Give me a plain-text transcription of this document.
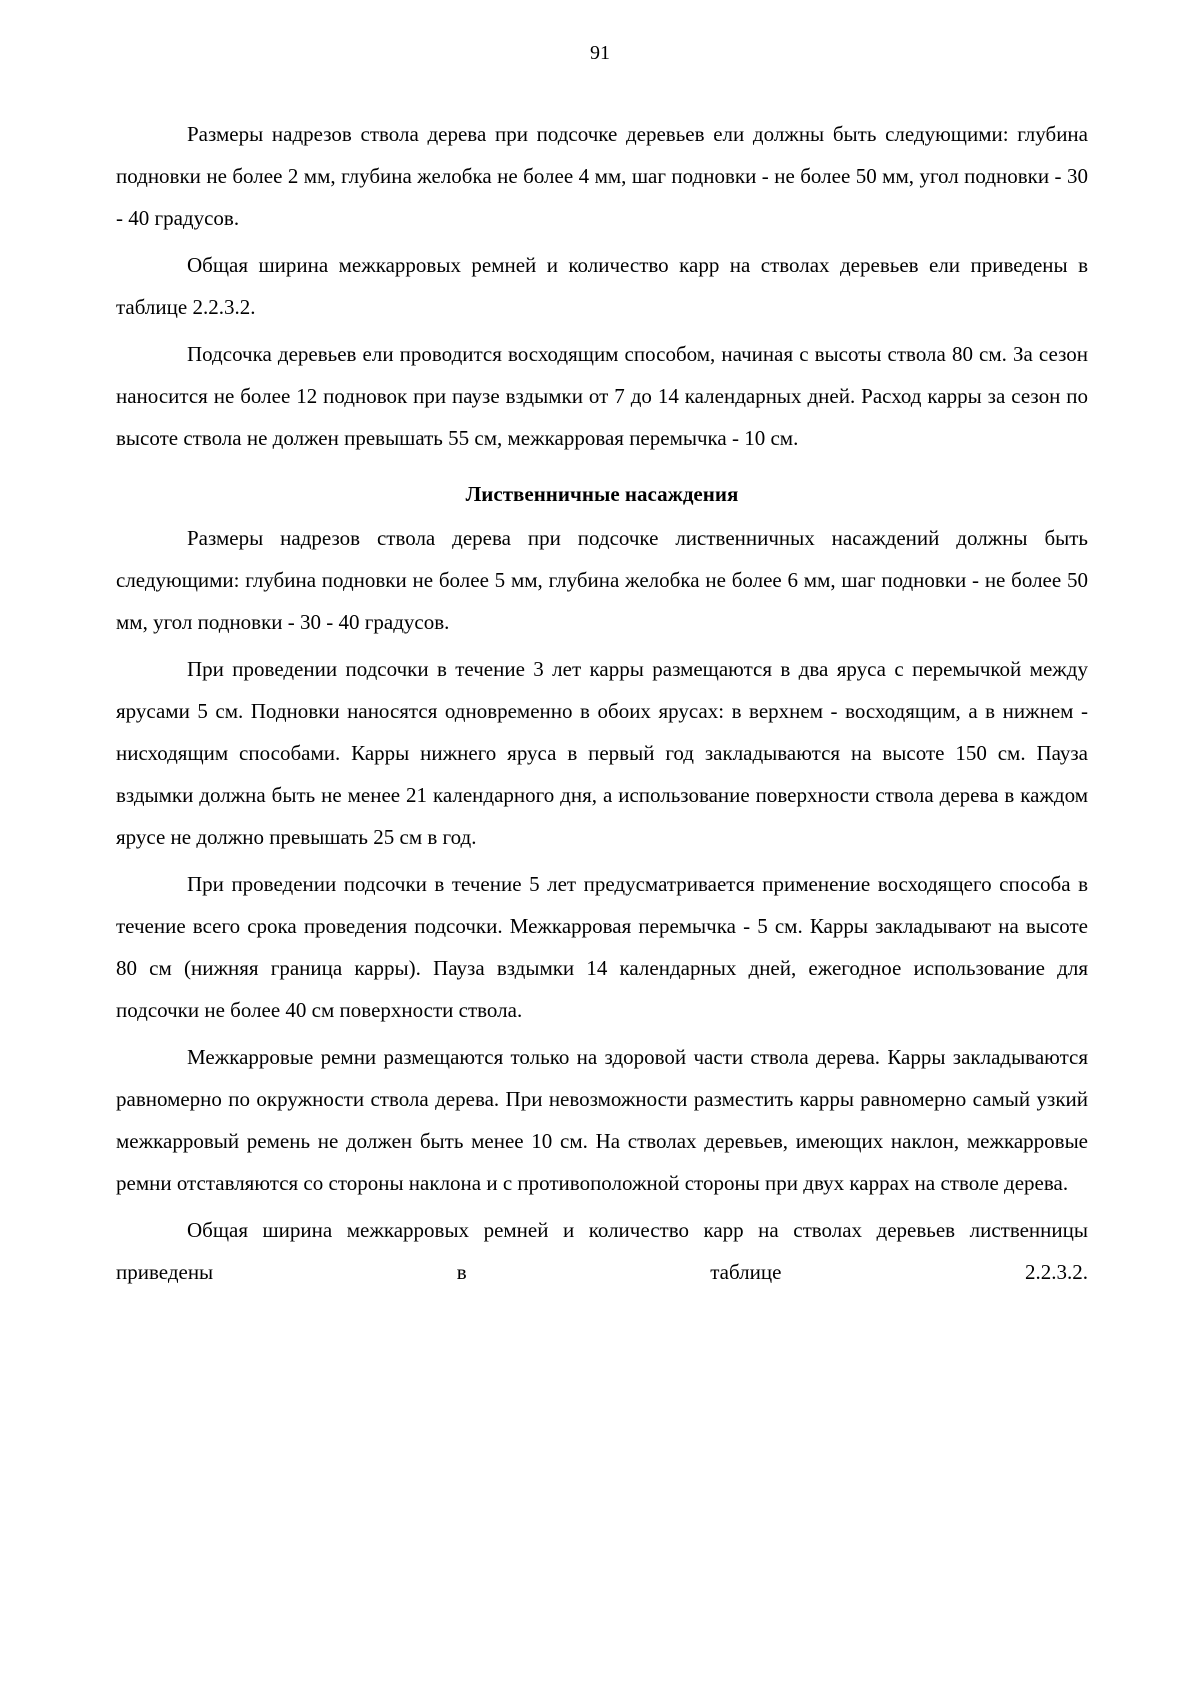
91

Размеры надрезов ствола дерева при подсочке деревьев ели должны быть следующими: глубина подновки не более 2 мм, глубина желобка не более 4 мм, шаг подновки - не более 50 мм, угол подновки - 30 - 40 градусов.

Общая ширина межкарровых ремней и количество карр на стволах деревьев ели приведены в таблице 2.2.3.2.

Подсочка деревьев ели проводится восходящим способом, начиная с высоты ствола 80 см. За сезон наносится не более 12 подновок при паузе вздымки от 7 до 14 календарных дней. Расход карры за сезон по высоте ствола не должен превышать 55 см, межкарровая перемычка - 10 см.

Лиственничные насаждения

Размеры надрезов ствола дерева при подсочке лиственничных насаждений должны быть следующими: глубина подновки не более 5 мм, глубина желобка не более 6 мм, шаг подновки - не более 50 мм, угол подновки - 30 - 40 градусов.

При проведении подсочки в течение 3 лет карры размещаются в два яруса с перемычкой между ярусами 5 см. Подновки наносятся одновременно в обоих ярусах: в верхнем - восходящим, а в нижнем - нисходящим способами. Карры нижнего яруса в первый год закладываются на высоте 150 см. Пауза вздымки должна быть не менее 21 календарного дня, а использование поверхности ствола дерева в каждом ярусе не должно превышать 25 см в год.

При проведении подсочки в течение 5 лет предусматривается применение восходящего способа в течение всего срока проведения подсочки. Межкарровая перемычка - 5 см. Карры закладывают на высоте 80 см (нижняя граница карры). Пауза вздымки 14 календарных дней, ежегодное использование для подсочки не более 40 см поверхности ствола.

Межкарровые ремни размещаются только на здоровой части ствола дерева. Карры закладываются равномерно по окружности ствола дерева. При невозможности разместить карры равномерно самый узкий межкарровый ремень не должен быть менее 10 см. На стволах деревьев, имеющих наклон, межкарровые ремни отставляются со стороны наклона и с противоположной стороны при двух каррах на стволе дерева.

Общая ширина межкарровых ремней и количество карр на стволах деревьев лиственницы приведены в таблице 2.2.3.2.
